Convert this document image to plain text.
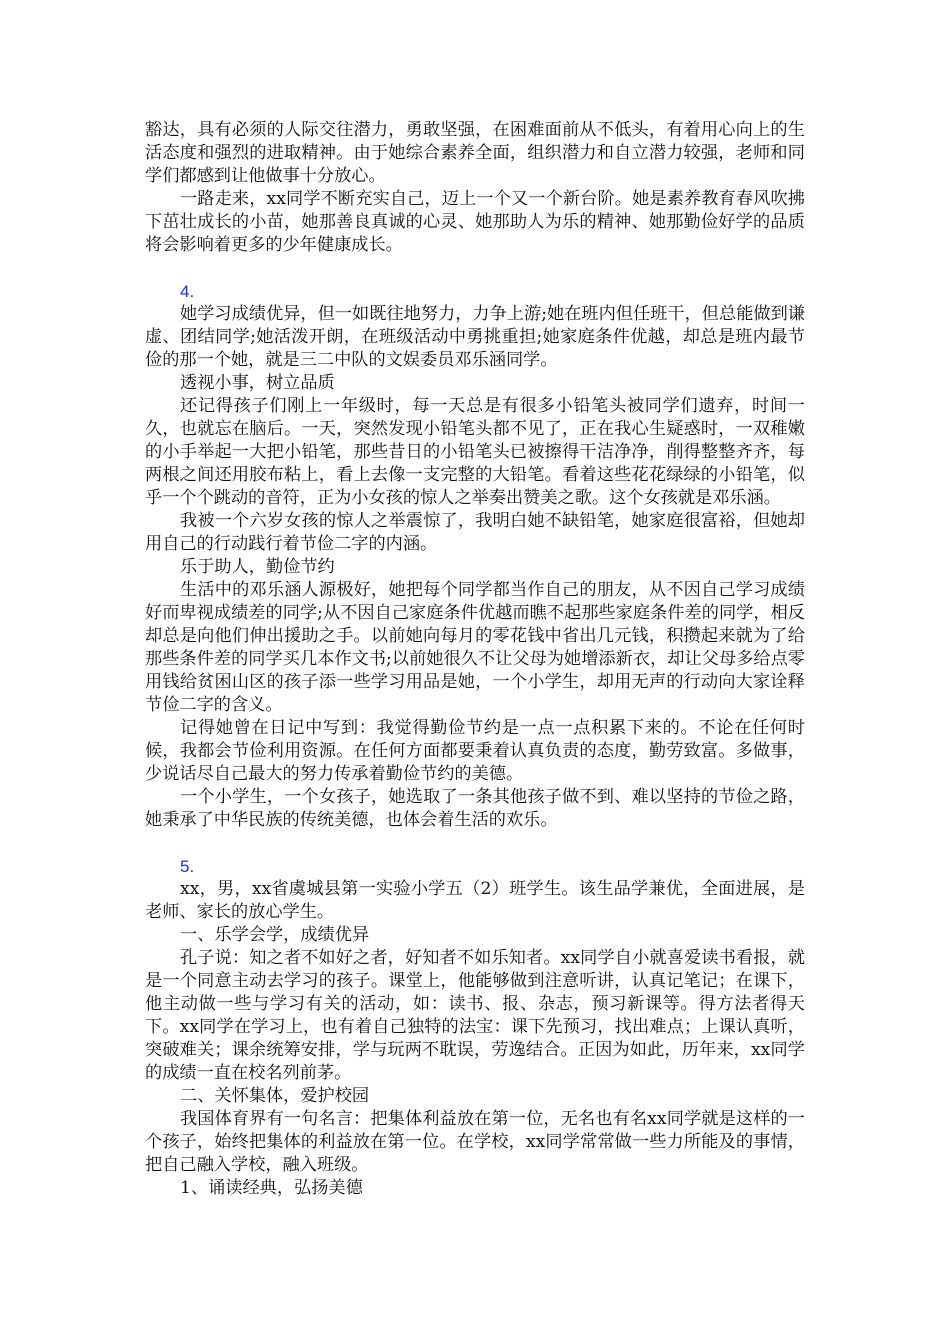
豁达，具有必须的人际交往潜力，勇敢坚强，在困难面前从不低头，有着用心向上的生活态度和强烈的进取精神。由于她综合素养全面，组织潜力和自立潜力较强，老师和同学们都感到让他做事十分放心。

一路走来，xx同学不断充实自己，迈上一个又一个新台阶。她是素养教育春风吹拂下茁壮成长的小苗，她那善良真诚的心灵、她那助人为乐的精神、她那勤俭好学的品质将会影响着更多的少年健康成长。

4.

她学习成绩优异，但一如既往地努力，力争上游;她在班内但任班干，但总能做到谦虚、团结同学;她活泼开朗，在班级活动中勇挑重担;她家庭条件优越，却总是班内最节俭的那一个她，就是三二中队的文娱委员邓乐涵同学。

透视小事，树立品质

还记得孩子们刚上一年级时，每一天总是有很多小铅笔头被同学们遗弃，时间一久，也就忘在脑后。一天，突然发现小铅笔头都不见了，正在我心生疑惑时，一双稚嫩的小手举起一大把小铅笔，那些昔日的小铅笔头已被擦得干洁净净，削得整整齐齐，每两根之间还用胶布粘上，看上去像一支完整的大铅笔。看着这些花花绿绿的小铅笔，似乎一个个跳动的音符，正为小女孩的惊人之举奏出赞美之歌。这个女孩就是邓乐涵。

我被一个六岁女孩的惊人之举震惊了，我明白她不缺铅笔，她家庭很富裕，但她却用自己的行动践行着节俭二字的内涵。

乐于助人，勤俭节约

生活中的邓乐涵人源极好，她把每个同学都当作自己的朋友，从不因自己学习成绩好而卑视成绩差的同学;从不因自己家庭条件优越而瞧不起那些家庭条件差的同学，相反却总是向他们伸出援助之手。以前她向每月的零花钱中省出几元钱，积攒起来就为了给那些条件差的同学买几本作文书;以前她很久不让父母为她增添新衣，却让父母多给点零用钱给贫困山区的孩子添一些学习用品是她，一个小学生，却用无声的行动向大家诠释节俭二字的含义。

记得她曾在日记中写到：我觉得勤俭节约是一点一点积累下来的。不论在任何时候，我都会节俭利用资源。在任何方面都要秉着认真负责的态度，勤劳致富。多做事，少说话尽自己最大的努力传承着勤俭节约的美德。

一个小学生，一个女孩子，她选取了一条其他孩子做不到、难以坚持的节俭之路，她秉承了中华民族的传统美德，也体会着生活的欢乐。

5.

xx，男，xx省虞城县第一实验小学五（2）班学生。该生品学兼优，全面进展，是老师、家长的放心学生。

一、乐学会学，成绩优异

孔子说：知之者不如好之者，好知者不如乐知者。xx同学自小就喜爱读书看报，就是一个同意主动去学习的孩子。课堂上，他能够做到注意听讲，认真记笔记；在课下，他主动做一些与学习有关的活动，如：读书、报、杂志，预习新课等。得方法者得天下。xx同学在学习上，也有着自己独特的法宝：课下先预习，找出难点；上课认真听，突破难关；课余统筹安排，学与玩两不耽误，劳逸结合。正因为如此，历年来，xx同学的成绩一直在校名列前茅。

二、关怀集体，爱护校园

我国体育界有一句名言：把集体利益放在第一位，无名也有名xx同学就是这样的一个孩子，始终把集体的利益放在第一位。在学校，xx同学常常做一些力所能及的事情，把自己融入学校，融入班级。

1、诵读经典，弘扬美德
